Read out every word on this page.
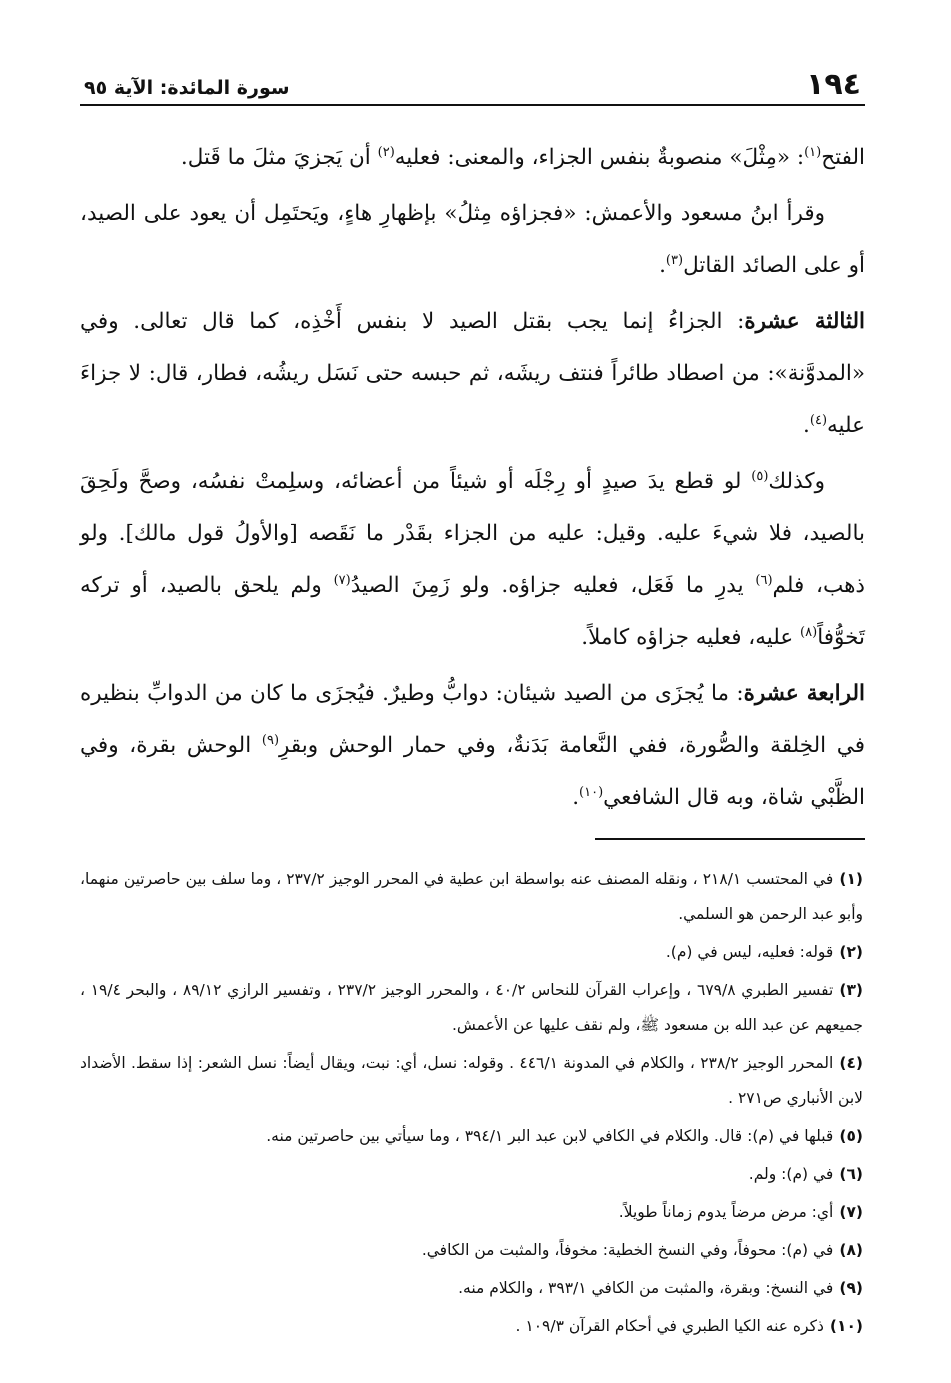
١٩٤
سورة المائدة: الآية ٩٥

الفتح$^{(١)}$: «مِثْلَ» منصوبةٌ بنفس الجزاء، والمعنى: فعليه$^{(٢)}$ أن يَجزيَ مثلَ ما قَتل.

وقرأ ابنُ مسعود والأعمش: «فجزاؤه مِثلُ» بإظهارِ هاءٍ، ويَحتَمِل أن يعود على الصيد، أو على الصائد القاتل$^{(٣)}$.

الثالثة عشرة: الجزاءُ إنما يجب بقتل الصيد لا بنفس أَخْذِه، كما قال تعالى. وفي «المدوَّنة»: من اصطاد طائراً فنتف ريشَه، ثم حبسه حتى نَسَل ريشُه، فطار، قال: لا جزاءَ عليه$^{(٤)}$.

وكذلك$^{(٥)}$ لو قطع يدَ صيدٍ أو رِجْلَه أو شيئاً من أعضائه، وسلِمتْ نفسُه، وصحَّ ولَحِقَ بالصيد، فلا شيءَ عليه. وقيل: عليه من الجزاء بقَدْر ما نَقَصه [والأولُ قول مالك]. ولو ذهب، فلم$^{(٦)}$ يدرِ ما فَعَل، فعليه جزاؤه. ولو زَمِنَ الصيدُ$^{(٧)}$ ولم يلحق بالصيد، أو تركه تَخوُّفاً$^{(٨)}$ عليه، فعليه جزاؤه كاملاً.

الرابعة عشرة: ما يُجزَى من الصيد شيئان: دوابُّ وطيرٌ. فيُجزَى ما كان من الدوابِّ بنظيره في الخِلقة والصُّورة، ففي النَّعامة بَدَنةٌ، وفي حمار الوحش وبقرِ$^{(٩)}$ الوحش بقرة، وفي الظَّبْي شاة، وبه قال الشافعي$^{(١٠)}$.

(١)في المحتسب ٢١٨/١ ، ونقله المصنف عنه بواسطة ابن عطية في المحرر الوجيز ٢٣٧/٢ ، وما سلف بين حاصرتين منهما، وأبو عبد الرحمن هو السلمي.
(٢)قوله: فعليه، ليس في (م).
(٣)تفسير الطبري ٦٧٩/٨ ، وإعراب القرآن للنحاس ٤٠/٢ ، والمحرر الوجيز ٢٣٧/٢ ، وتفسير الرازي ٨٩/١٢ ، والبحر ١٩/٤ ، جميعهم عن عبد الله بن مسعود ﷺ، ولم نقف عليها عن الأعمش.
(٤)المحرر الوجيز ٢٣٨/٢ ، والكلام في المدونة ٤٤٦/١ . وقوله: نسل، أي: نبت، ويقال أيضاً: نسل الشعر: إذا سقط. الأضداد لابن الأنباري ص٢٧١ .
(٥)قبلها في (م): قال. والكلام في الكافي لابن عبد البر ٣٩٤/١ ، وما سيأتي بين حاصرتين منه.
(٦)في (م): ولم.
(٧)أي: مرض مرضاً يدوم زماناً طويلاً.
(٨)في (م): محوفاً، وفي النسخ الخطية: مخوفاً، والمثبت من الكافي.
(٩)في النسخ: وبقرة، والمثبت من الكافي ٣٩٣/١ ، والكلام منه.
(١٠)ذكره عنه الكيا الطبري في أحكام القرآن ١٠٩/٣ .
